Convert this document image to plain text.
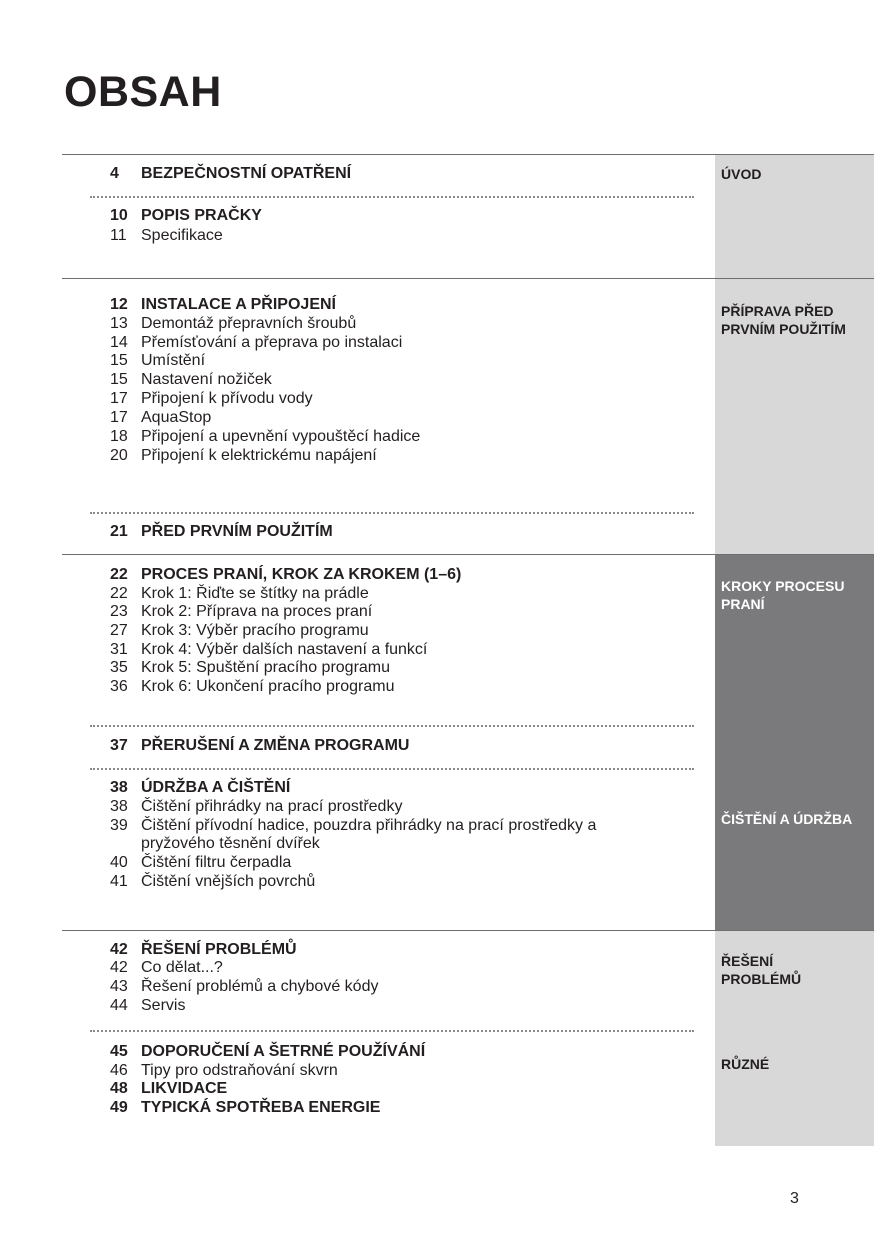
OBSAH
ÚVOD
PŘÍPRAVA PŘED
PRVNÍM POUŽITÍM
KROKY PROCESU
PRANÍ
ČIŠTĚNÍ A ÚDRŽBA
ŘEŠENÍ
PROBLÉMŮ
RŮZNÉ
4 BEZPEČNOSTNÍ OPATŘENÍ
10 POPIS PRAČKY
11 Specifikace
12 INSTALACE A PŘIPOJENÍ
13 Demontáž přepravních šroubů
14 Přemísťování a přeprava po instalaci
15 Umístění
15 Nastavení nožiček
17 Připojení k přívodu vody
17 AquaStop
18 Připojení a upevnění vypouštěcí hadice
20 Připojení k elektrickému napájení
21 PŘED PRVNÍM POUŽITÍM
22 PROCES PRANÍ, KROK ZA KROKEM (1–6)
22 Krok 1: Řiďte se štítky na prádle
23 Krok 2: Příprava na proces praní
27 Krok 3: Výběr pracího programu
31 Krok 4: Výběr dalších nastavení a funkcí
35 Krok 5: Spuštění pracího programu
36 Krok 6: Ukončení pracího programu
37 PŘERUŠENÍ A ZMĚNA PROGRAMU
38 ÚDRŽBA A ČIŠTĚNÍ
38 Čištění přihrádky na prací prostředky
39 Čištění přívodní hadice, pouzdra přihrádky na prací prostředky a
pryžového těsnění dvířek
40 Čištění filtru čerpadla
41 Čištění vnějších povrchů
42 ŘEŠENÍ PROBLÉMŮ
42 Co dělat...?
43 Řešení problémů a chybové kódy
44 Servis
45 DOPORUČENÍ A ŠETRNÉ POUŽÍVÁNÍ
46 Tipy pro odstraňování skvrn
48 LIKVIDACE
49 TYPICKÁ SPOTŘEBA ENERGIE
3
